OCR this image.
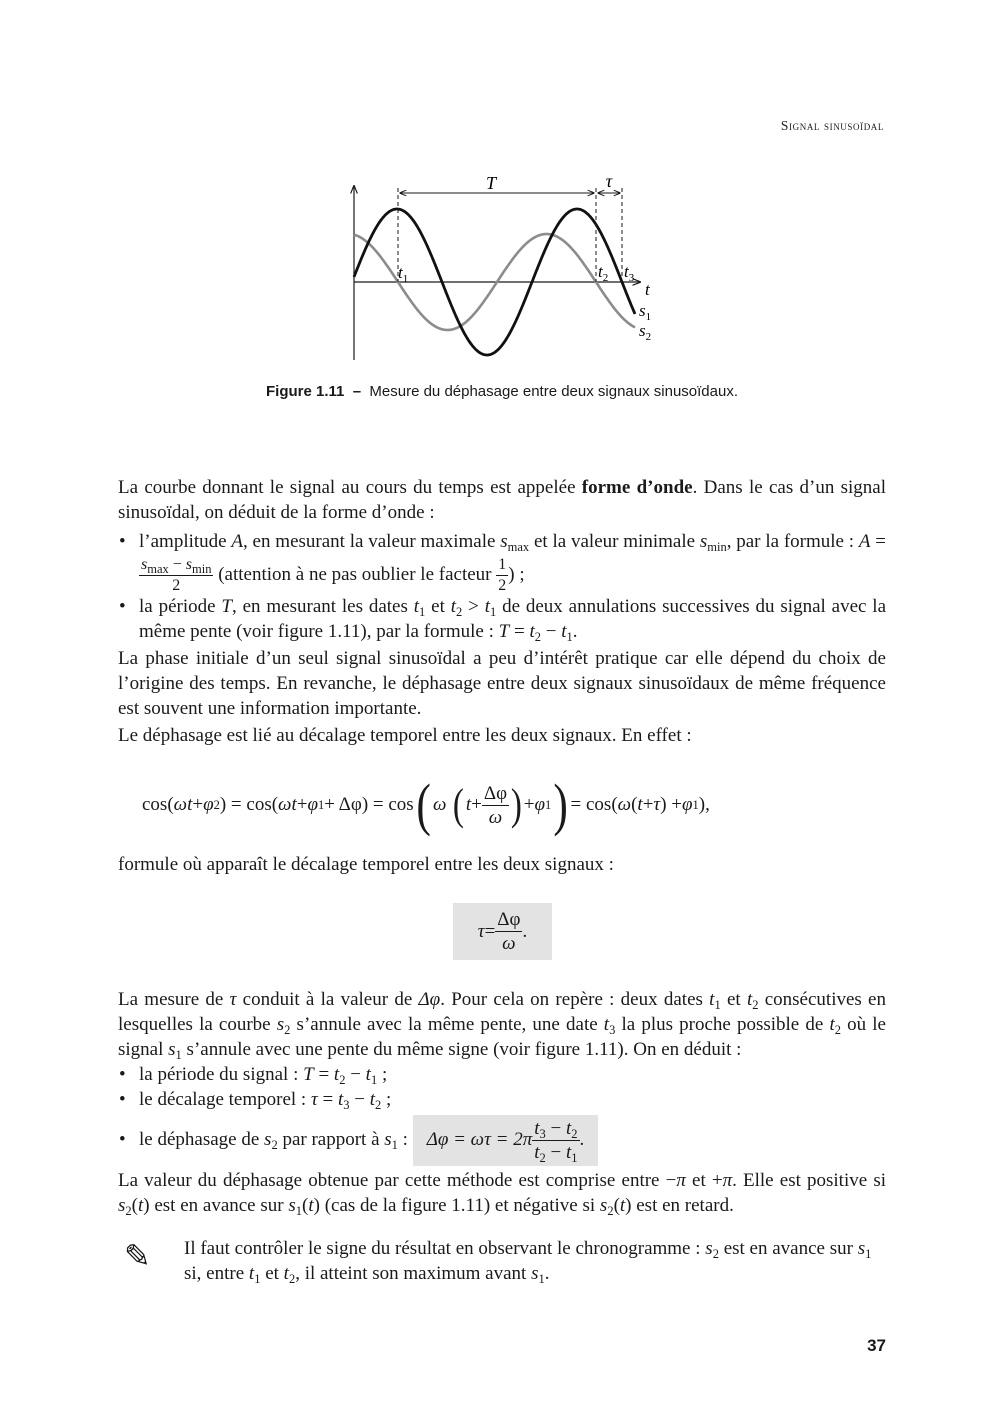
Signal sinusoïdal
T	τ
$t_1$	$t_2$ $t_3$
t
$s_1$
$s_2$
Figure 1.11 – Mesure du déphasage entre deux signaux sinusoïdaux.

La courbe donnant le signal au cours du temps est appelée forme d’onde. Dans le cas d’un signal sinusoïdal, on déduit de la forme d’onde :

• l’amplitude A, en mesurant la valeur maximale $s_{max}$ et la valeur minimale $s_{min}$, par la formule : A =
$\frac{s_{max} - s_{min}}{2}$ (attention à ne pas oublier le facteur $\frac{1}{2}$ ) ;
• la période T, en mesurant les dates $t_1$ et $t_2 > t_1$ de deux annulations successives du signal avec la même pente (voir figure 1.11), par la formule : $T = t_2 - t_1$.

La phase initiale d’un seul signal sinusoïdal a peu d’intérêt pratique car elle dépend du choix de l’origine des temps. En revanche, le déphasage entre deux signaux sinusoïdaux de même fréquence est souvent une information importante.

Le déphasage est lié au décalage temporel entre les deux signaux. En effet :

cos( ωt + φ 2 ) = cos( ωt + φ 1 + Δφ) = cos ( ω
( $t + \frac{\Delta\varphi}{\omega}$ ) + φ 1 ) = cos( ω ( t + τ ) + φ 1 ),

formule où apparaît le décalage temporel entre les deux signaux :

$\tau = \frac{\Delta\varphi}{\omega}$ .

La mesure de τ conduit à la valeur de Δφ. Pour cela on repère : deux dates $t_1$ et $t_2$ consécutives en lesquelles la courbe $s_2$ s’annule avec la même pente, une date $t_3$ la plus proche possible de $t_2$ où le signal $s_1$ s’annule avec une pente du même signe (voir figure 1.11). On en déduit :

• la période du signal : $T = t_2 - t_1$ ;
• le décalage temporel : $\tau = t_3 - t_2$ ;
• le déphasage de $s_2$ par rapport à $s_1$ : $\Delta\varphi = \omega\tau = 2\pi \frac{t_3 - t_2}{t_2 - t_1}$ .

La valeur du déphasage obtenue par cette méthode est comprise entre −π et +π. Elle est positive si $s_2(t)$ est en avance sur $s_1(t)$ (cas de la figure 1.11) et négative si $s_2(t)$ est en retard.

✎ Il faut contrôler le signe du résultat en observant le chronogramme : $s_2$ est en avance sur $s_1$ si, entre $t_1$ et $t_2$, il atteint son maximum avant $s_1$.
37
